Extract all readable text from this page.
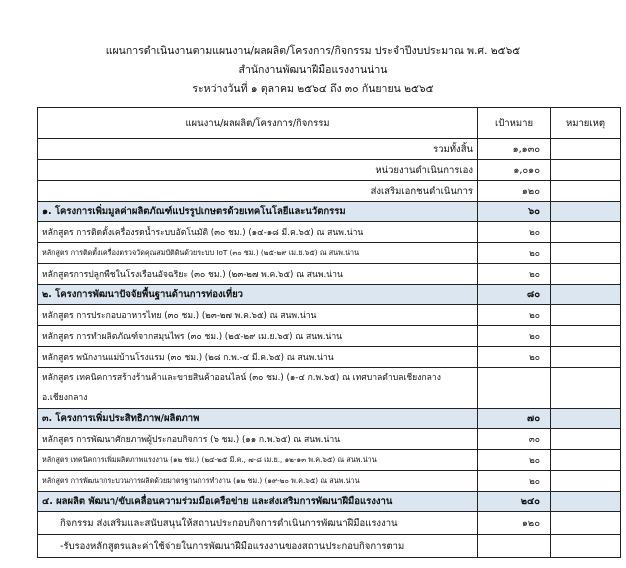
แผนการดำเนินงานตามแผนงาน/ผลผลิต/โครงการ/กิจกรรม ประจำปีงบประมาณ พ.ศ. ๒๕๖๕
สำนักงานพัฒนาฝีมือแรงงานน่าน
ระหว่างวันที่ ๑ ตุลาคม ๒๕๖๔ ถึง ๓๐ กันยายน ๒๕๖๕
แผนงาน/ผลผลิต/โครงการ/กิจกรรม	เป้าหมาย	หมายเหตุ
รวมทั้งสิ้น	๑,๑๓๐	
หน่วยงานดำเนินการเอง	๑,๐๑๐	
ส่งเสริมเอกชนดำเนินการ	๑๒๐	
๑. โครงการเพิ่มมูลค่าผลิตภัณฑ์แปรรูปเกษตรด้วยเทคโนโลยีและนวัตกรรม	๖๐	
หลักสูตร การติดตั้งเครื่องรดน้ำระบบอัตโนมัติ (๓๐ ชม.) (๑๔-๑๘ มี.ค.๖๕) ณ สนพ.น่าน	๒๐	
หลักสูตร การติดตั้งเครื่องตรวจวัดคุณสมบัติดินด้วยระบบ IoT (๓๐ ชม.) (๒๕-๒๙ เม.ย.๖๕) ณ สนพ.น่าน	๒๐	
หลักสูตรการปลูกพืชในโรงเรือนอัจฉริยะ (๓๐ ชม.) (๒๓-๒๗ พ.ค.๖๕) ณ สนพ.น่าน	๒๐	
๒. โครงการพัฒนาปัจจัยพื้นฐานด้านการท่องเที่ยว	๘๐	
หลักสูตร การประกอบอาหารไทย (๓๐ ชม.) (๒๓-๒๗ พ.ค.๖๕) ณ สนพ.น่าน	๒๐	
หลักสูตร การทำผลิตภัณฑ์จากสมุนไพร (๓๐ ชม.) (๒๕-๒๙ เม.ย.๖๕) ณ สนพ.น่าน	๒๐	
หลักสูตร พนักงานแม่บ้านโรงแรม (๓๐ ชม.) (๒๘ ก.พ.-๔ มี.ค.๖๕) ณ สนพ.น่าน	๒๐	
หลักสูตร เทคนิคการสร้างร้านค้าและขายสินค้าออนไลน์ (๓๐ ชม.) (๑-๔ ก.พ.๖๕) ณ เทศบาลตำบลเชียงกลาง อ.เชียงกลาง		
๓. โครงการเพิ่มประสิทธิภาพ/ผลิตภาพ	๗๐	
หลักสูตร การพัฒนาศักยภาพผู้ประกอบกิจการ (๖ ชม.) (๑๑ ก.พ.๖๕) ณ สนพ.น่าน	๓๐	
หลักสูตร เทคนิคการเพิ่มผลิตภาพแรงงาน (๑๒ ชม.) (๒๔-๒๕ มี.ค., ๗-๘ เม.ย., ๑๒-๑๓ พ.ค.๖๕) ณ สนพ.น่าน	๒๐	
หลักสูตร การพัฒนากระบวนการผลิตด้วยมาตรฐานการทำงาน (๑๒ ชม.) (๑๙-๒๐ พ.ค.๖๕) ณ สนพ.น่าน	๒๐	
๔. ผลผลิต พัฒนา/ขับเคลื่อนความร่วมมือเครือข่าย และส่งเสริมการพัฒนาฝีมือแรงงาน	๒๔๐	
กิจกรรม ส่งเสริมและสนับสนุนให้สถานประกอบกิจการดำเนินการพัฒนาฝีมือแรงงาน	๑๒๐	
-รับรองหลักสูตรและค่าใช้จ่ายในการพัฒนาฝีมือแรงงานของสถานประกอบกิจการตาม		
